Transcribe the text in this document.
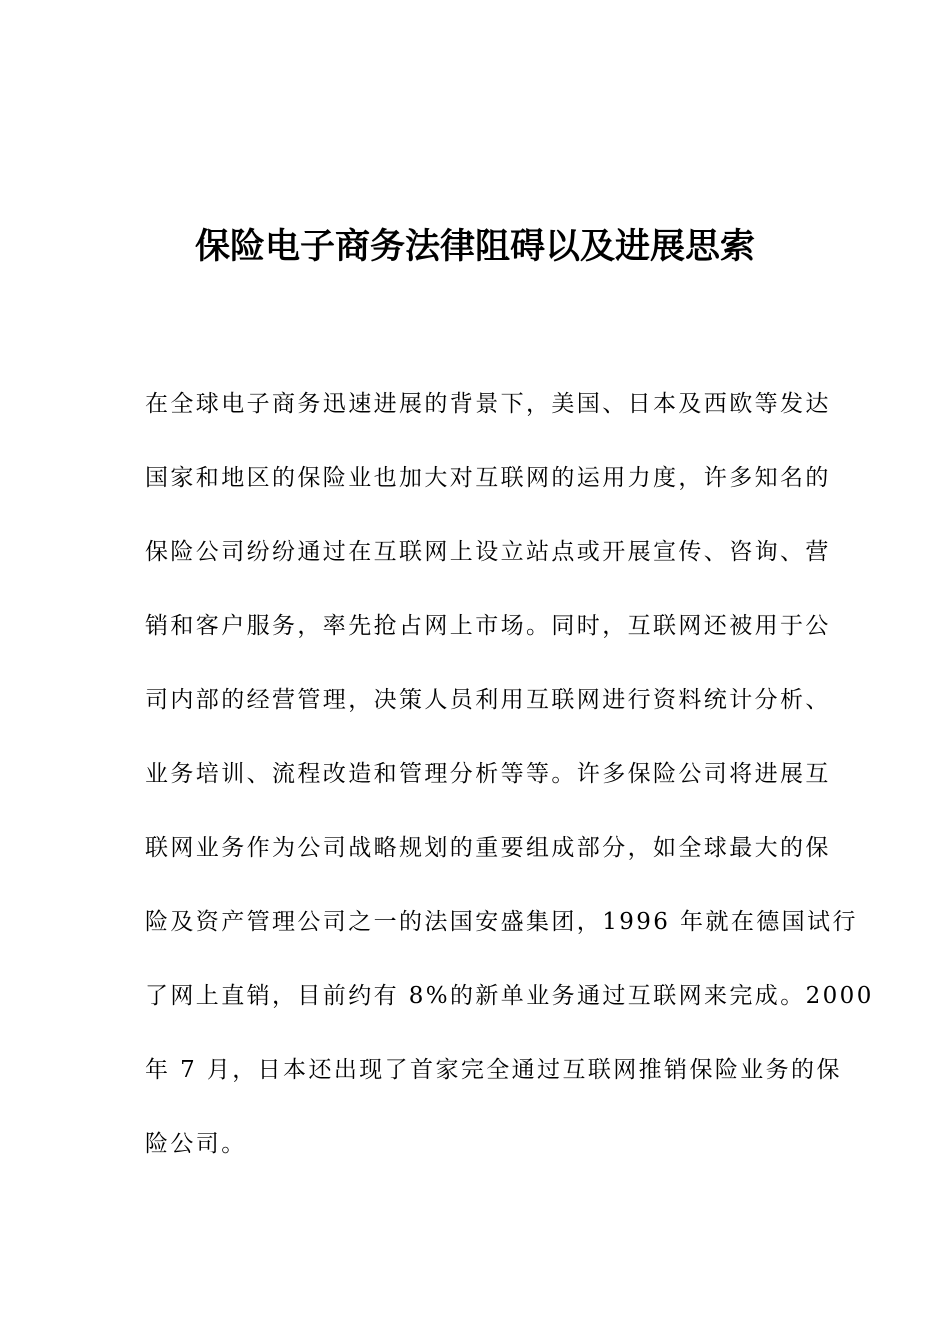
保险电子商务法律阻碍以及进展思索
在全球电子商务迅速进展的背景下，美国、日本及西欧等发达
国家和地区的保险业也加大对互联网的运用力度，许多知名的
保险公司纷纷通过在互联网上设立站点或开展宣传、咨询、营
销和客户服务，率先抢占网上市场。同时，互联网还被用于公
司内部的经营管理，决策人员利用互联网进行资料统计分析、
业务培训、流程改造和管理分析等等。许多保险公司将进展互
联网业务作为公司战略规划的重要组成部分，如全球最大的保
险及资产管理公司之一的法国安盛集团，1996 年就在德国试行
了网上直销，目前约有 8%的新单业务通过互联网来完成。2000
年 7 月，日本还出现了首家完全通过互联网推销保险业务的保
险公司。
